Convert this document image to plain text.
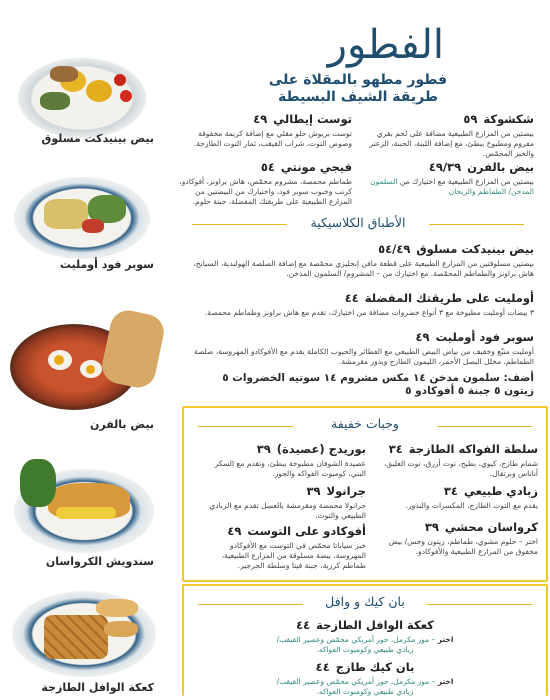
بيض بينيدكت مسلوق
سوبر فود أومليت
بيض بالفرن
سندويش الكرواسان
كعكة الوافل الطازجة
الفطور
فطور مطهو بالمقلاة على
طريقة الشيف البسيطة
شكشوكة٥٩
بيضتين من المزارع الطبيعية مضافة على لحم بقري مفروم ومطبوخ ببطئ، مع إضافة اللبنة، الجبنة، الزعتر والخبز المحمّص.
توست إيطالي٤٩
توست بريوش حلو مقلي مع إضافة كريمة مخفوقة وصوص التوت، شراب القيقب، ثمار التوت الطازجة.
بيض بالفرن٤٩/٣٩
بيضتين من المزارع الطبيعية مع اختيارك من السلمون المدخن/ الطماطم والريحان
فيجي مونتي٥٤
طماطم محمصة، مشروم محمّص، هاش براونز، أفوكادو، كرنب وخبوب سوبر فود، واختيارك من البيضتين من المزارع الطبيعية على طريقتك المفضلة، جبنة حلوم.
الأطباق الكلاسيكية
بيض بينيدكت مسلوق٥٤/٤٩
بيضتين مسلوقتين من المزارع الطبيعية على قطعة مافن إنجليزي محمّصة مع إضافة الصلصة الهولندية، السبانخ، هاش براونز والطماطم المحمّصة. مع اختيارك من – المشروم/ السلمون المدخن.
أومليت على طريقتك المفضلة٤٤
٣ بيضات أومليت مطبوخة مع ٣ أنواع خضروات مضافة من اختيارك، تقدم مع هاش براونز وطماطم محمصة.
سوبر فود أومليت٤٩
أومليت متبّع وخفيف من بياض البيض الطبيعي مع الفطائر والحبوب الكاملة يقدم مع الأفوكادو المهروسة، صلصة الطماطم، مخلل البصل الأحمر، الليمون الطازج وبذور مقرمشة.
أضف: سلمون مدخن ١٤ مكس مشروم ١٤ سوتيه الخضروات ٥ زيتون ٥ جبنة ٥ أفوكادو ٥
وجبات خفيفة
سلطة الفواكه الطازجة٣٤
شمام طازج، كيوي، بطيخ، توت أزرق، توت العليق، أناناس وبرتقال.
زبادي طبيعي٣٤
يقدم مع التوت الطازج، المكسرات والبذور.
كرواسان محشي٣٩
اختر – حلوم مشوي، طماطم، زيتون وخس/ بيض مخفوق من المزارع الطبيعية والأفوكادو.
بوريدج (عصيدة)٣٩
عصيدة الشوفان مطبوخة ببطئ، وتقدم مع السكر البني، كومبوت الفواكه والجوز.
جرانولا٣٩
جرانولا محمصة ومقرمشة بالعسل تقدم مع الزبادي الطبيعي والتوت.
أفوكادو على التوست٤٩
خبز سياباتا محمّص في التوست مع الأفوكادو المهروسة، بيضة مسلوقة من المزارع الطبيعية، طماطم كرزية، جبنة فيتا وسلطة الجرجير.
بان كيك و وافل
كعكة الوافل الطازجة٤٤
اختر – موز مكرمل، جوز أمريكي محمّص وعصير القيقب/
زبادي طبيعي وكومبوت الفواكه.
بان كيك طازج٤٤
اختر – موز مكرمل، جوز أمريكي محمّص وعصير القيقب/
زبادي طبيعي وكومبوت الفواكه.
